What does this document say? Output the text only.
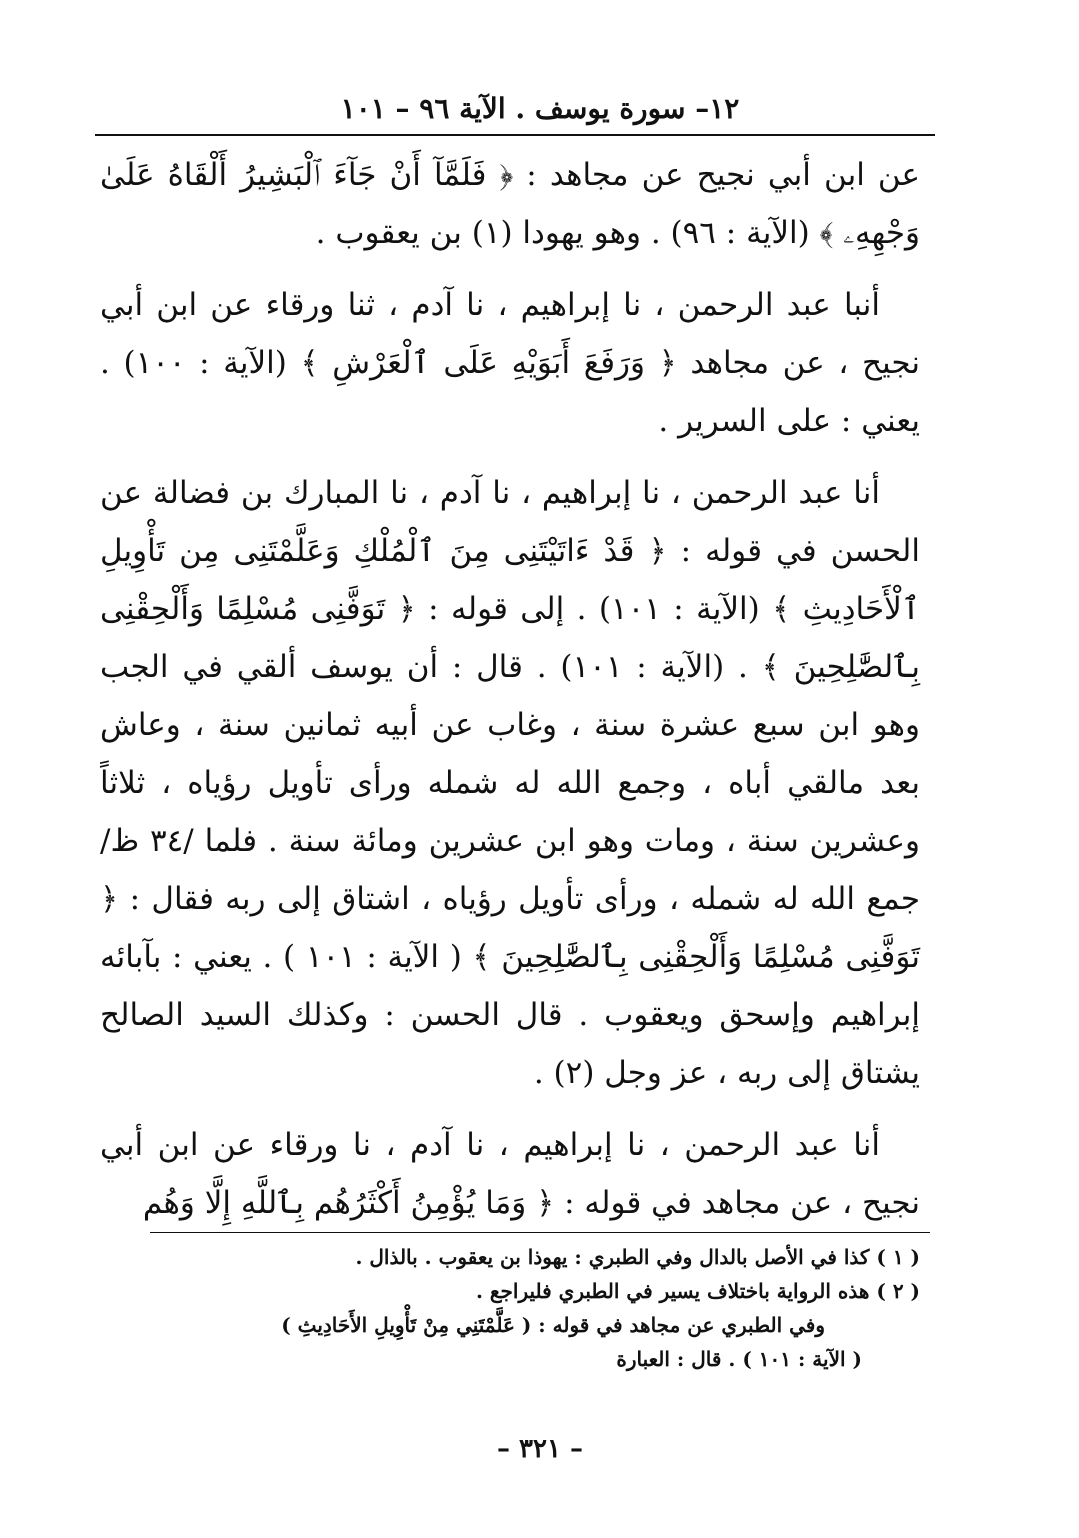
١٢– سورة يوسف . الآية ٩٦ – ١٠١

عن ابن أبي نجيح عن مجاهد : ﴿ فَلَمَّآ أَنْ جَآءَ ٱلْبَشِيرُ أَلْقَاهُ عَلَىٰ وَجْهِهِۦ ﴾ (الآية : ٩٦) . وهو يهودا (١) بن يعقوب .

أنبا عبد الرحمن ، نا إبراهيم ، نا آدم ، ثنا ورقاء عن ابن أبي نجيح ، عن مجاهد ﴿ وَرَفَعَ أَبَوَيْهِ عَلَى ٱلْعَرْشِ ﴾ (الآية : ١٠٠) . يعني : على السرير .

أنا عبد الرحمن ، نا إبراهيم ، نا آدم ، نا المبارك بن فضالة عن الحسن في قوله : ﴿ قَدْ ءَاتَيْتَنِى مِنَ ٱلْمُلْكِ وَعَلَّمْتَنِى مِن تَأْوِيلِ ٱلْأَحَادِيثِ ﴾ (الآية : ١٠١) . إلى قوله : ﴿ تَوَفَّنِى مُسْلِمًا وَأَلْحِقْنِى بِٱلصَّٰلِحِينَ ﴾ . (الآية : ١٠١) . قال : أن يوسف ألقي في الجب وهو ابن سبع عشرة سنة ، وغاب عن أبيه ثمانين سنة ، وعاش بعد مالقي أباه ، وجمع الله له شمله ورأى تأويل رؤياه ، ثلاثاً وعشرين سنة ، ومات وهو ابن عشرين ومائة سنة . فلما /٣٤ ظ/ جمع الله له شمله ، ورأى تأويل رؤياه ، اشتاق إلى ربه فقال : ﴿ تَوَفَّنِى مُسْلِمًا وَأَلْحِقْنِى بِٱلصَّٰلِحِينَ ﴾ ( الآية : ١٠١ ) . يعني : بآبائه إبراهيم وإسحق ويعقوب . قال الحسن : وكذلك السيد الصالح يشتاق إلى ربه ، عز وجل (٢) .

أنا عبد الرحمن ، نا إبراهيم ، نا آدم ، نا ورقاء عن ابن أبي نجيح ، عن مجاهد في قوله : ﴿ وَمَا يُؤْمِنُ أَكْثَرُهُم بِٱللَّهِ إِلَّا وَهُم

( ١ ) كذا في الأصل بالدال وفي الطبري : يهوذا بن يعقوب . بالذال .

( ٢ ) هذه الرواية باختلاف يسير في الطبري فليراجع .

وفي الطبري عن مجاهد في قوله : ( عَلَّمْتَنِي مِنْ تَأْوِيلِ الأَحَادِيثِ )

( الآية : ١٠١ ) . قال : العبارة

– ٣٢١ –
